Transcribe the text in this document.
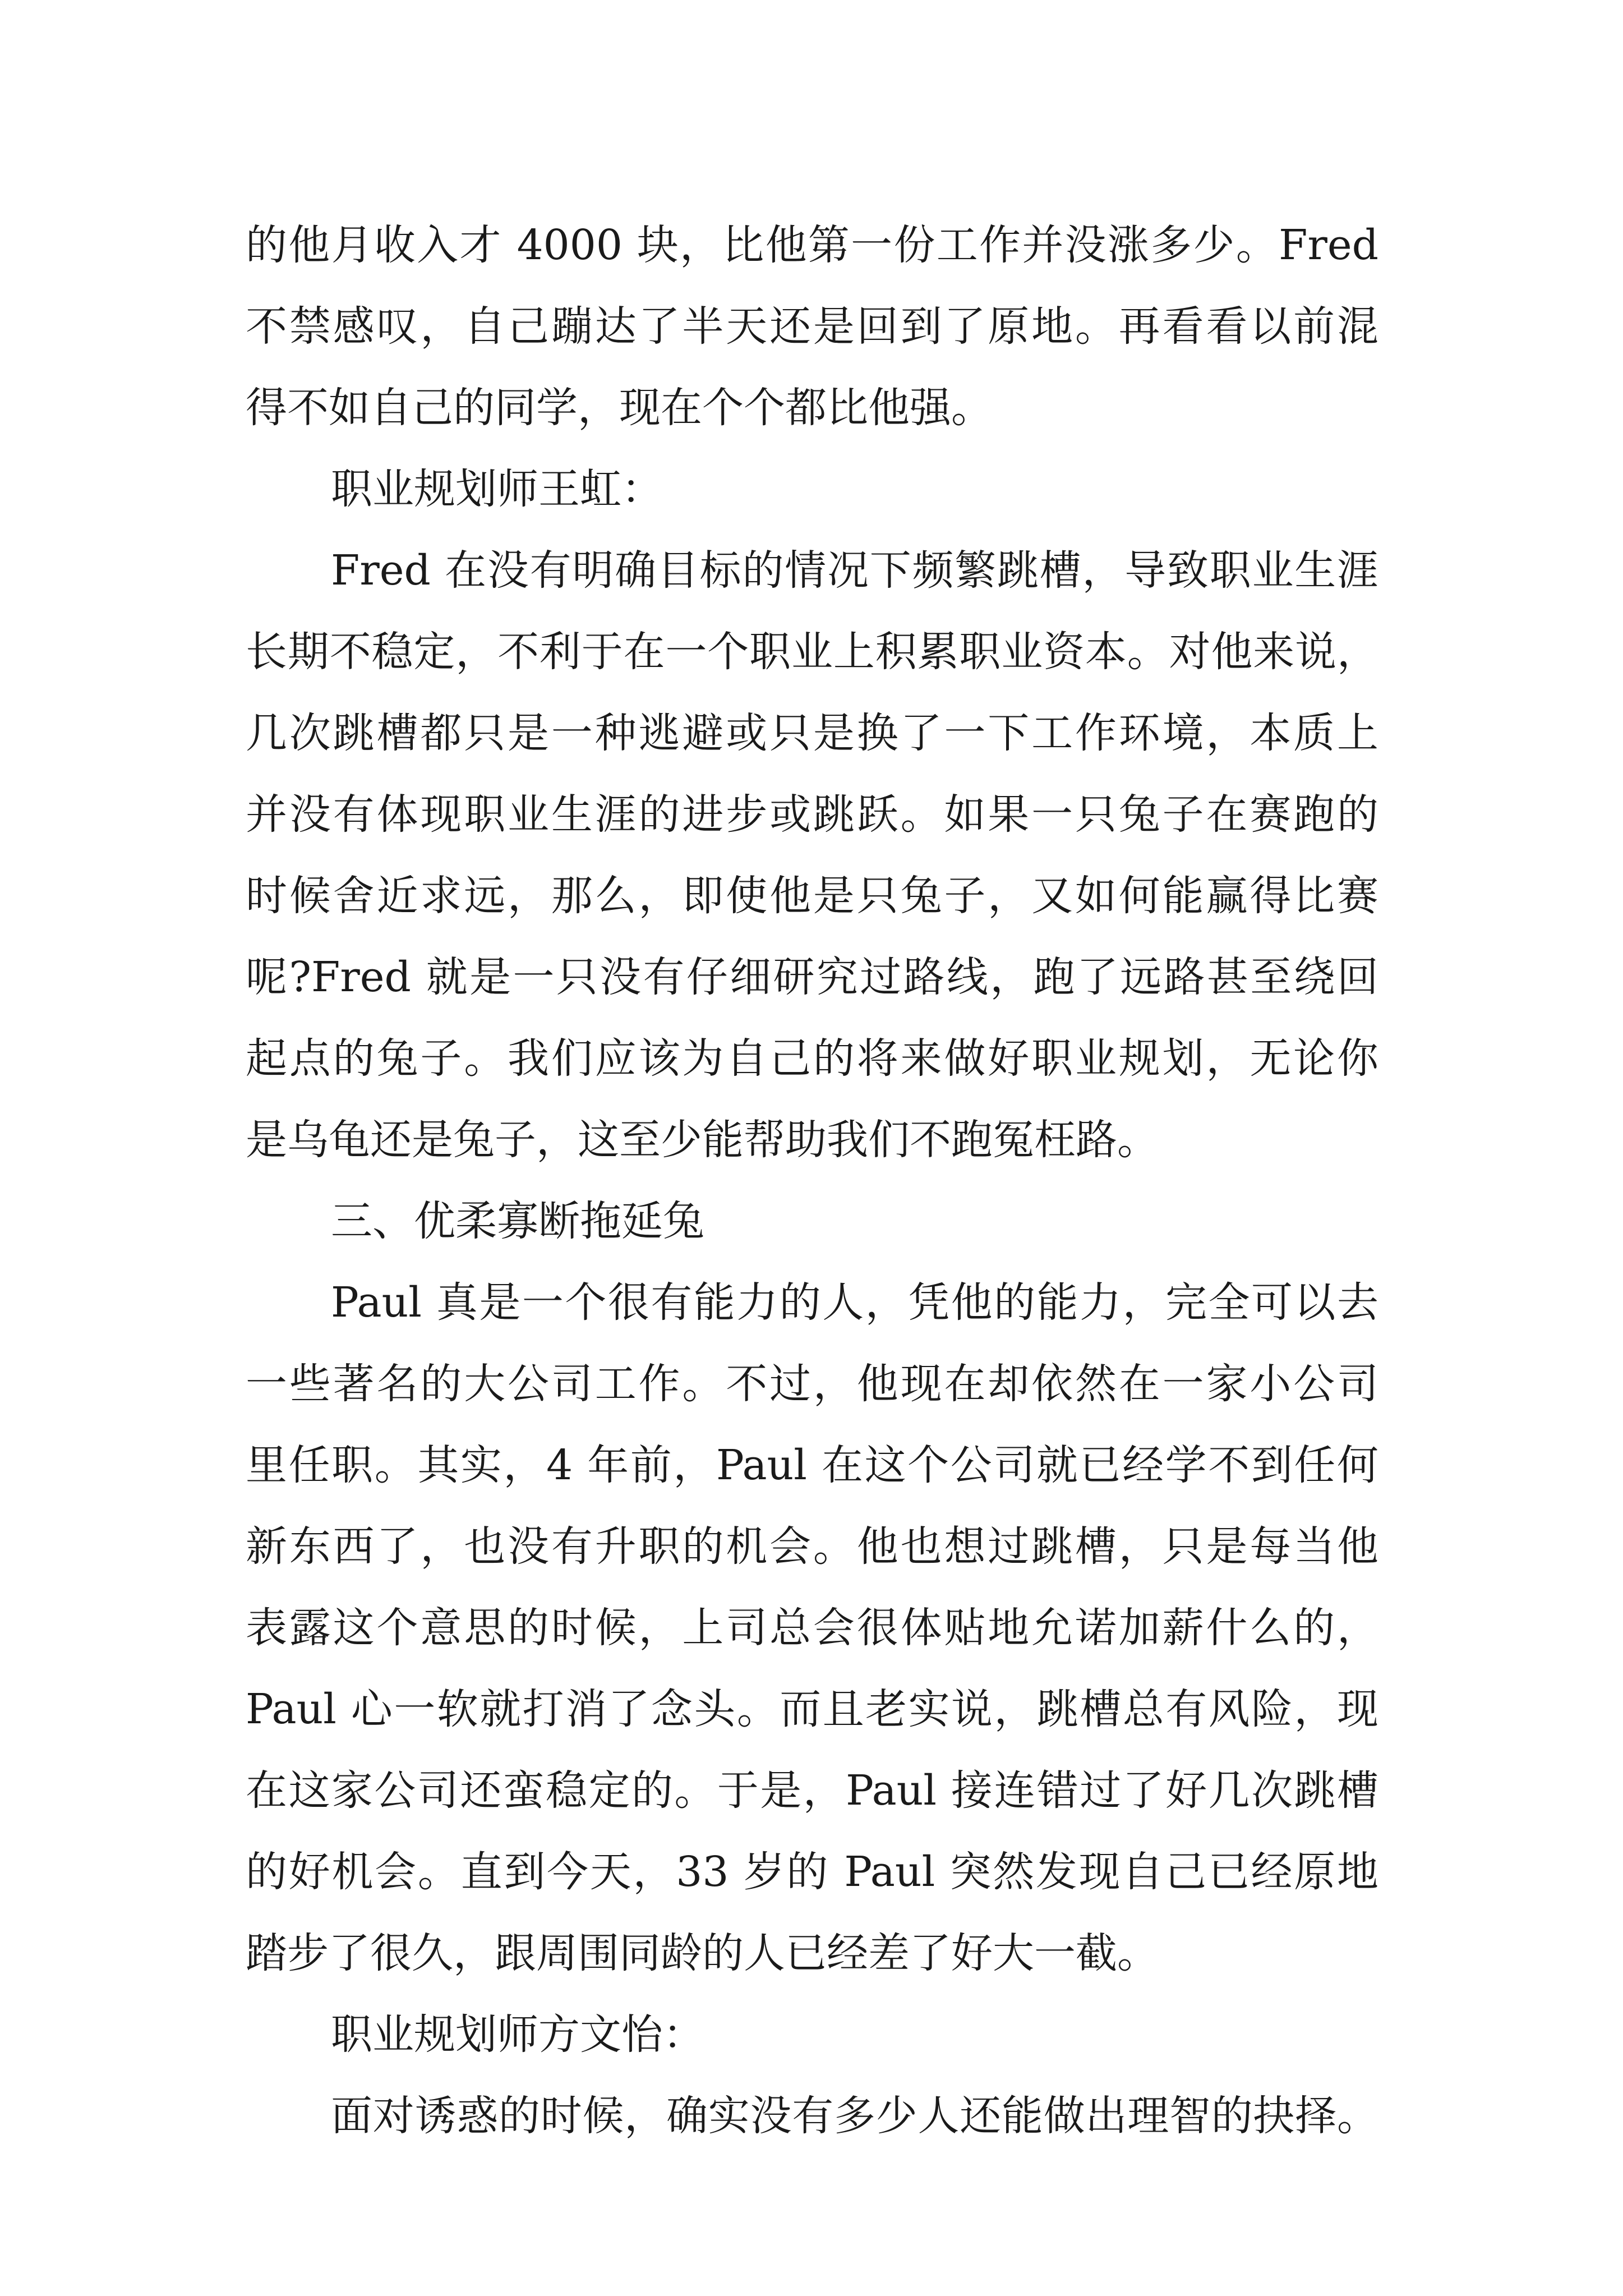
的他月收入才 4000 块，比他第一份工作并没涨多少。Fred
不禁感叹，自己蹦达了半天还是回到了原地。再看看以前混
得不如自己的同学，现在个个都比他强。
职业规划师王虹：
Fred 在没有明确目标的情况下频繁跳槽，导致职业生涯
长期不稳定，不利于在一个职业上积累职业资本。对他来说，
几次跳槽都只是一种逃避或只是换了一下工作环境，本质上
并没有体现职业生涯的进步或跳跃。如果一只兔子在赛跑的
时候舍近求远，那么，即使他是只兔子，又如何能赢得比赛
呢?Fred 就是一只没有仔细研究过路线，跑了远路甚至绕回
起点的兔子。我们应该为自己的将来做好职业规划，无论你
是乌龟还是兔子，这至少能帮助我们不跑冤枉路。
三、优柔寡断拖延兔
Paul 真是一个很有能力的人，凭他的能力，完全可以去
一些著名的大公司工作。不过，他现在却依然在一家小公司
里任职。其实，4 年前，Paul 在这个公司就已经学不到任何
新东西了，也没有升职的机会。他也想过跳槽，只是每当他
表露这个意思的时候，上司总会很体贴地允诺加薪什么的，
Paul 心一软就打消了念头。而且老实说，跳槽总有风险，现
在这家公司还蛮稳定的。于是，Paul 接连错过了好几次跳槽
的好机会。直到今天，33 岁的 Paul 突然发现自己已经原地
踏步了很久，跟周围同龄的人已经差了好大一截。
职业规划师方文怡：
面对诱惑的时候，确实没有多少人还能做出理智的抉择。
